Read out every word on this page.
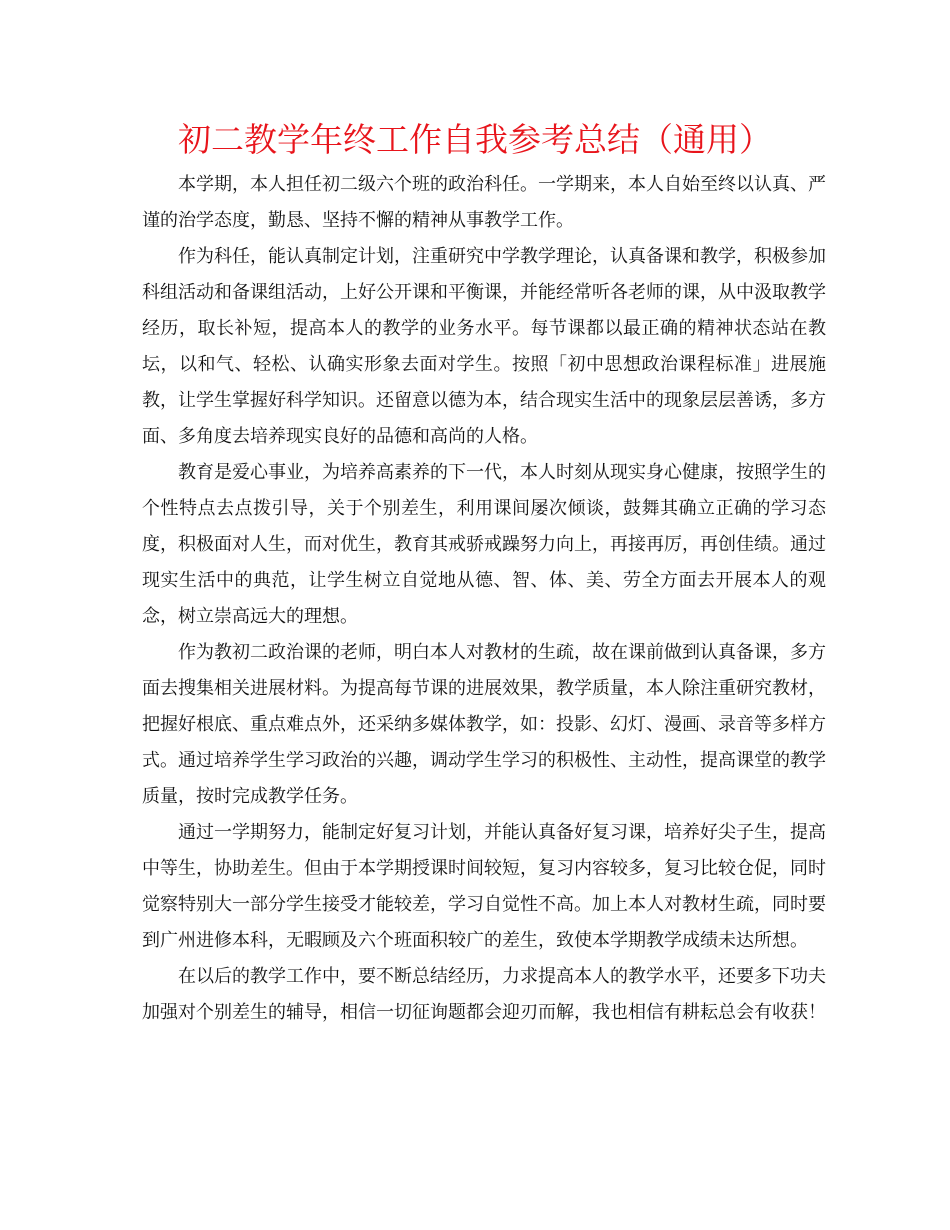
初二教学年终工作自我参考总结（通用）

本学期，本人担任初二级六个班的政治科任。一学期来，本人自始至终以认真、严谨的治学态度，勤恳、坚持不懈的精神从事教学工作。

作为科任，能认真制定计划，注重研究中学教学理论，认真备课和教学，积极参加科组活动和备课组活动，上好公开课和平衡课，并能经常听各老师的课，从中汲取教学经历，取长补短，提高本人的教学的业务水平。每节课都以最正确的精神状态站在教坛，以和气、轻松、认确实形象去面对学生。按照「初中思想政治课程标准」进展施教，让学生掌握好科学知识。还留意以德为本，结合现实生活中的现象层层善诱，多方面、多角度去培养现实良好的品德和高尚的人格。

教育是爱心事业，为培养高素养的下一代，本人时刻从现实身心健康，按照学生的个性特点去点拨引导，关于个别差生，利用课间屡次倾谈，鼓舞其确立正确的学习态度，积极面对人生，而对优生，教育其戒骄戒躁努力向上，再接再厉，再创佳绩。通过现实生活中的典范，让学生树立自觉地从德、智、体、美、劳全方面去开展本人的观念，树立崇高远大的理想。

作为教初二政治课的老师，明白本人对教材的生疏，故在课前做到认真备课，多方面去搜集相关进展材料。为提高每节课的进展效果，教学质量，本人除注重研究教材，把握好根底、重点难点外，还采纳多媒体教学，如：投影、幻灯、漫画、录音等多样方式。通过培养学生学习政治的兴趣，调动学生学习的积极性、主动性，提高课堂的教学质量，按时完成教学任务。

通过一学期努力，能制定好复习计划，并能认真备好复习课，培养好尖子生，提高中等生，协助差生。但由于本学期授课时间较短，复习内容较多，复习比较仓促，同时觉察特别大一部分学生接受才能较差，学习自觉性不高。加上本人对教材生疏，同时要到广州进修本科，无暇顾及六个班面积较广的差生，致使本学期教学成绩未达所想。

在以后的教学工作中，要不断总结经历，力求提高本人的教学水平，还要多下功夫加强对个别差生的辅导，相信一切征询题都会迎刃而解，我也相信有耕耘总会有收获！
